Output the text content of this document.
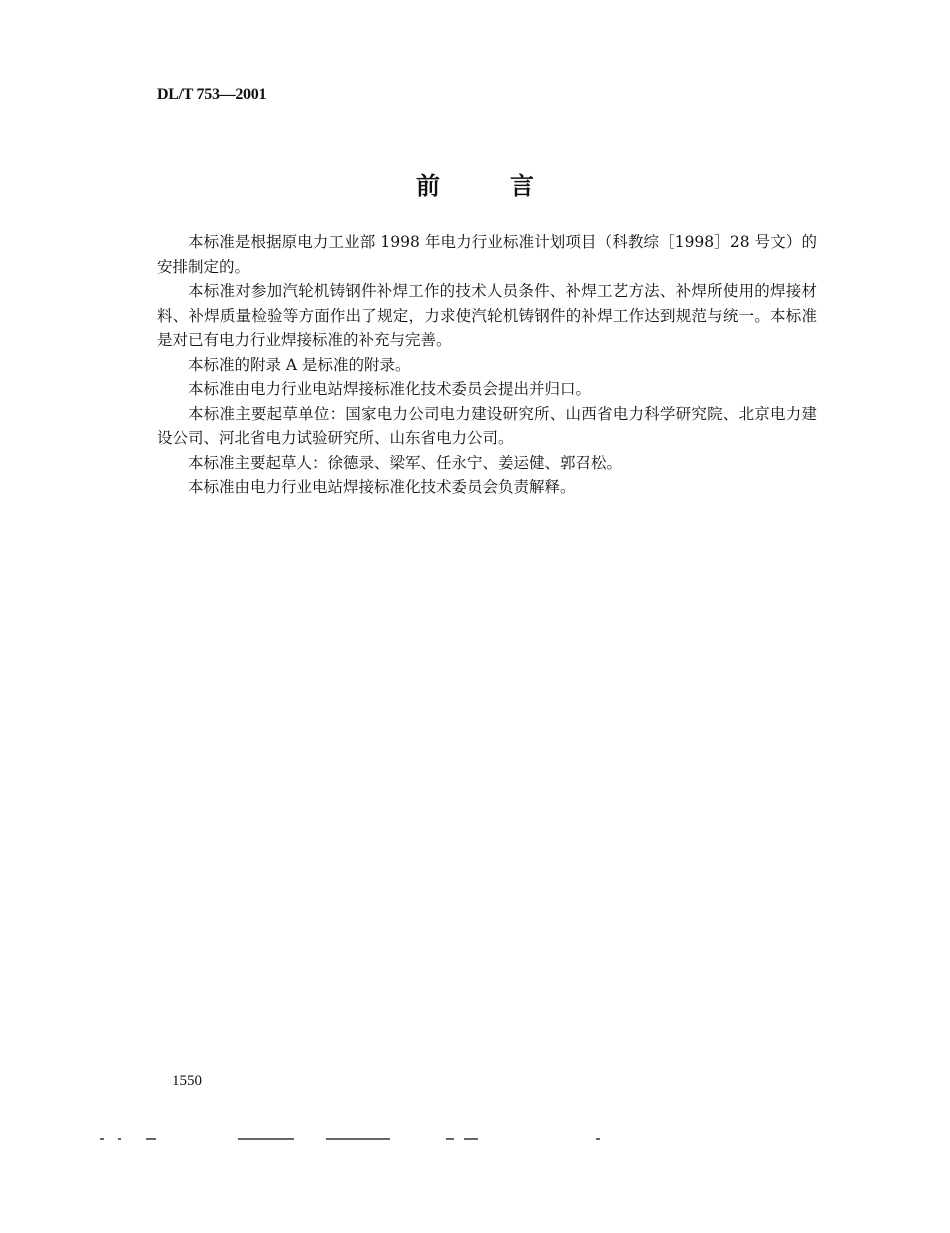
DL/T 753—2001
前言

本标准是根据原电力工业部 1998 年电力行业标准计划项目（科教综［1998］28 号文）的安排制定的。

本标准对参加汽轮机铸钢件补焊工作的技术人员条件、补焊工艺方法、补焊所使用的焊接材料、补焊质量检验等方面作出了规定，力求使汽轮机铸钢件的补焊工作达到规范与统一。本标准是对已有电力行业焊接标准的补充与完善。

本标准的附录 A 是标准的附录。

本标准由电力行业电站焊接标准化技术委员会提出并归口。

本标准主要起草单位：国家电力公司电力建设研究所、山西省电力科学研究院、北京电力建设公司、河北省电力试验研究所、山东省电力公司。

本标准主要起草人：徐德录、梁军、任永宁、姜运健、郭召松。

本标准由电力行业电站焊接标准化技术委员会负责解释。

1550
